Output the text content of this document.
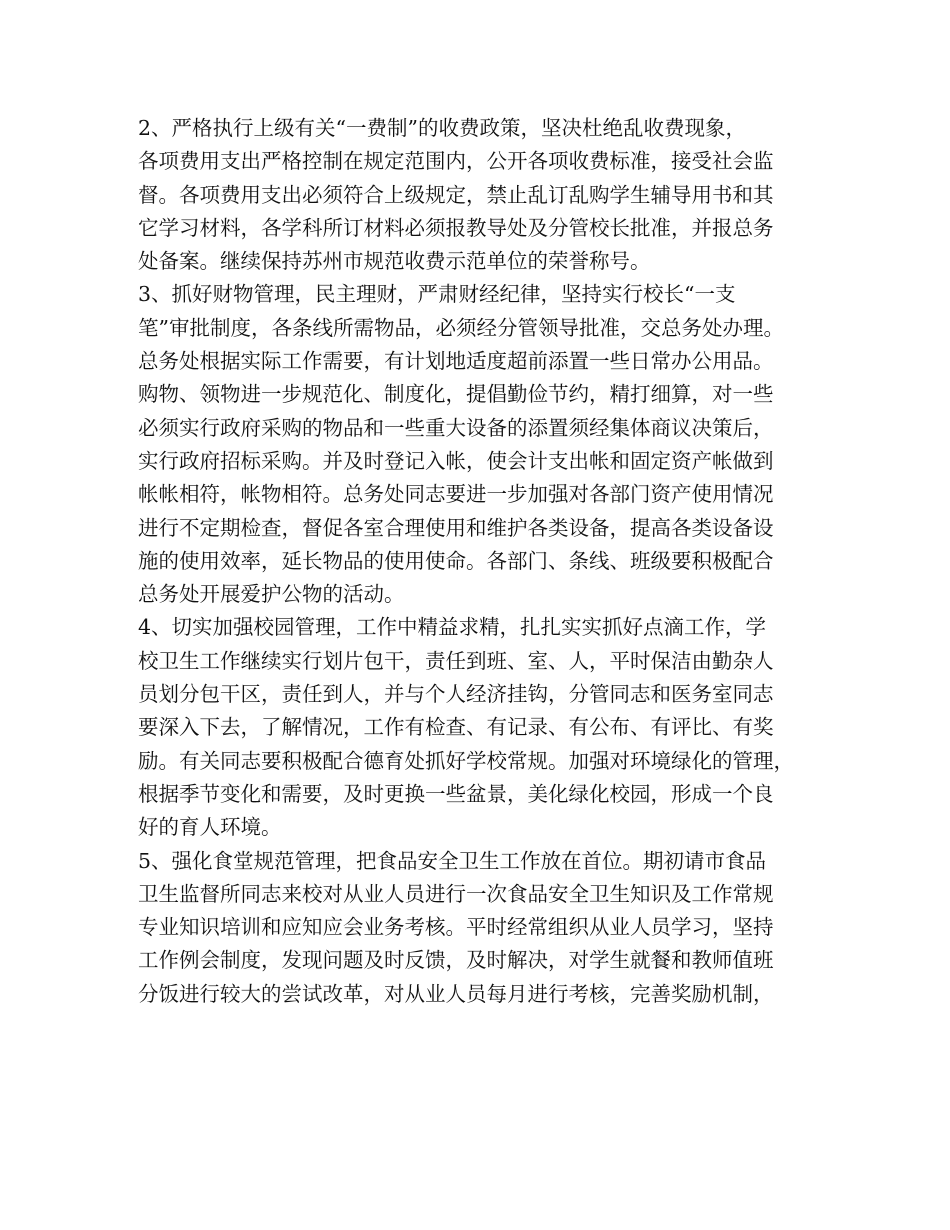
2、严格执行上级有关“一费制”的收费政策，坚决杜绝乱收费现象，
各项费用支出严格控制在规定范围内，公开各项收费标准，接受社会监
督。各项费用支出必须符合上级规定，禁止乱订乱购学生辅导用书和其
它学习材料，各学科所订材料必须报教导处及分管校长批准，并报总务
处备案。继续保持苏州市规范收费示范单位的荣誉称号。
3、抓好财物管理，民主理财，严肃财经纪律，坚持实行校长“一支
笔”审批制度，各条线所需物品，必须经分管领导批准，交总务处办理。
总务处根据实际工作需要，有计划地适度超前添置一些日常办公用品。
购物、领物进一步规范化、制度化，提倡勤俭节约，精打细算，对一些
必须实行政府采购的物品和一些重大设备的添置须经集体商议决策后，
实行政府招标采购。并及时登记入帐，使会计支出帐和固定资产帐做到
帐帐相符，帐物相符。总务处同志要进一步加强对各部门资产使用情况
进行不定期检查，督促各室合理使用和维护各类设备，提高各类设备设
施的使用效率，延长物品的使用使命。各部门、条线、班级要积极配合
总务处开展爱护公物的活动。
4、切实加强校园管理，工作中精益求精，扎扎实实抓好点滴工作，学
校卫生工作继续实行划片包干，责任到班、室、人，平时保洁由勤杂人
员划分包干区，责任到人，并与个人经济挂钩，分管同志和医务室同志
要深入下去，了解情况，工作有检查、有记录、有公布、有评比、有奖
励。有关同志要积极配合德育处抓好学校常规。加强对环境绿化的管理，
根据季节变化和需要，及时更换一些盆景，美化绿化校园，形成一个良
好的育人环境。
5、强化食堂规范管理，把食品安全卫生工作放在首位。期初请市食品
卫生监督所同志来校对从业人员进行一次食品安全卫生知识及工作常规
专业知识培训和应知应会业务考核。平时经常组织从业人员学习，坚持
工作例会制度，发现问题及时反馈，及时解决，对学生就餐和教师值班
分饭进行较大的尝试改革，对从业人员每月进行考核，完善奖励机制，
